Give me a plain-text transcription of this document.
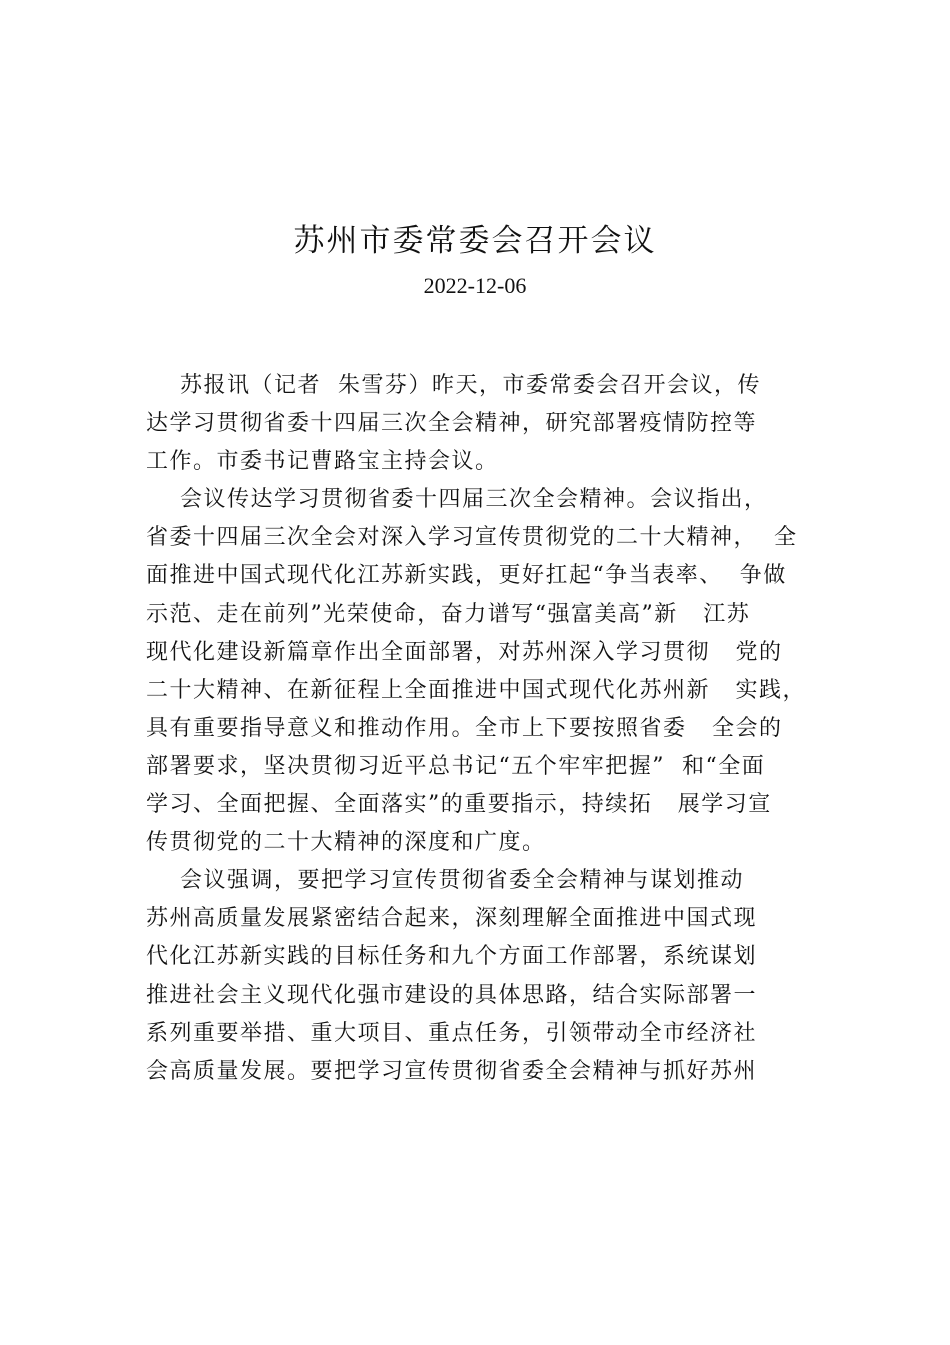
苏州市委常委会召开会议
2022-12-06
苏报讯（记者  朱雪芬）昨天，市委常委会召开会议，传
达学习贯彻省委十四届三次全会精神，研究部署疫情防控等
工作。市委书记曹路宝主持会议。
会议传达学习贯彻省委十四届三次全会精神。会议指出，
省委十四届三次全会对深入学习宣传贯彻党的二十大精神，  全
面推进中国式现代化江苏新实践，更好扛起“争当表率、  争做
示范、走在前列”光荣使命，奋力谱写“强富美高”新   江苏
现代化建设新篇章作出全面部署，对苏州深入学习贯彻   党的
二十大精神、在新征程上全面推进中国式现代化苏州新   实践，
具有重要指导意义和推动作用。全市上下要按照省委   全会的
部署要求，坚决贯彻习近平总书记“五个牢牢把握”  和“全面
学习、全面把握、全面落实”的重要指示，持续拓   展学习宣
传贯彻党的二十大精神的深度和广度。
会议强调，要把学习宣传贯彻省委全会精神与谋划推动
苏州高质量发展紧密结合起来，深刻理解全面推进中国式现
代化江苏新实践的目标任务和九个方面工作部署，系统谋划
推进社会主义现代化强市建设的具体思路，结合实际部署一
系列重要举措、重大项目、重点任务，引领带动全市经济社
会高质量发展。要把学习宣传贯彻省委全会精神与抓好苏州
